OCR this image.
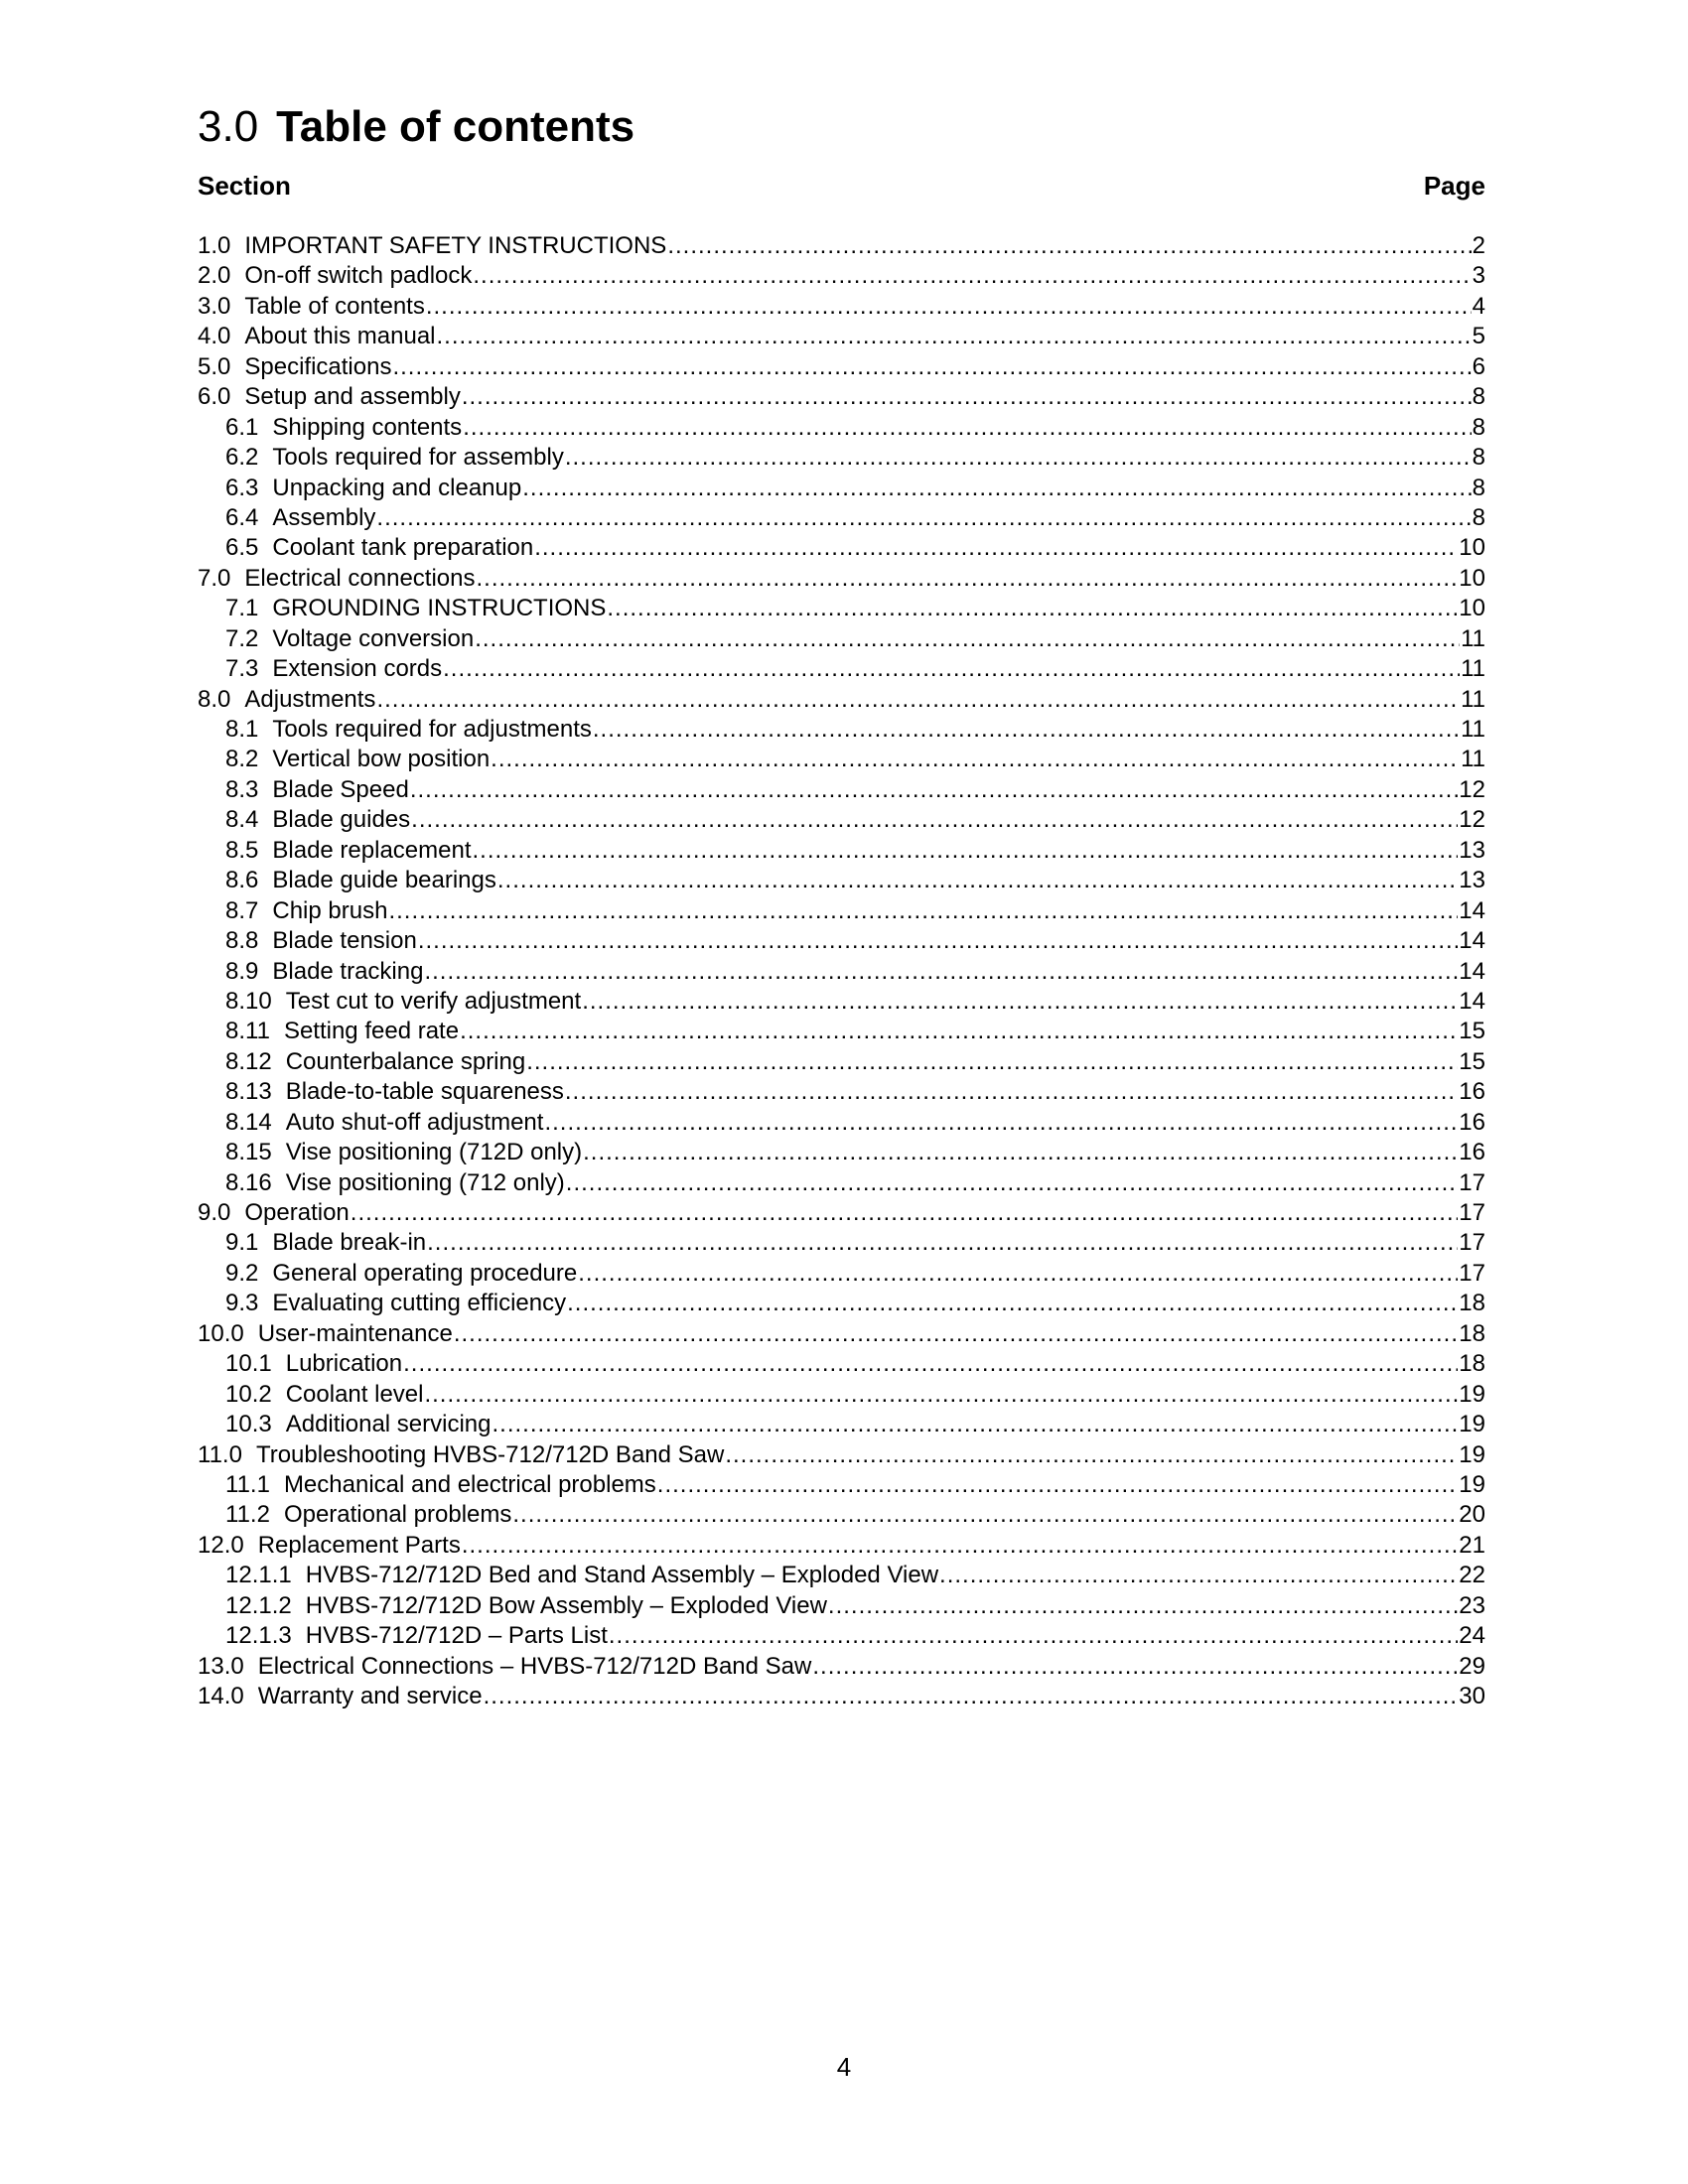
3.0 Table of contents
Section	Page
1.0 IMPORTANT SAFETY INSTRUCTIONS .....	2
2.0 On-off switch padlock .....	3
3.0 Table of contents .....	4
4.0 About this manual .....	5
5.0 Specifications .....	6
6.0 Setup and assembly .....	8
6.1 Shipping contents .....	8
6.2 Tools required for assembly .....	8
6.3 Unpacking and cleanup .....	8
6.4 Assembly .....	8
6.5 Coolant tank preparation .....	10
7.0 Electrical connections .....	10
7.1 GROUNDING INSTRUCTIONS .....	10
7.2 Voltage conversion .....	11
7.3 Extension cords .....	11
8.0 Adjustments .....	11
8.1 Tools required for adjustments .....	11
8.2 Vertical bow position .....	11
8.3 Blade Speed .....	12
8.4 Blade guides .....	12
8.5 Blade replacement .....	13
8.6 Blade guide bearings .....	13
8.7 Chip brush .....	14
8.8 Blade tension .....	14
8.9 Blade tracking .....	14
8.10 Test cut to verify adjustment .....	14
8.11 Setting feed rate .....	15
8.12 Counterbalance spring .....	15
8.13 Blade-to-table squareness .....	16
8.14 Auto shut-off adjustment .....	16
8.15 Vise positioning (712D only) .....	16
8.16 Vise positioning (712 only) .....	17
9.0 Operation .....	17
9.1 Blade break-in .....	17
9.2 General operating procedure .....	17
9.3 Evaluating cutting efficiency .....	18
10.0 User-maintenance .....	18
10.1 Lubrication .....	18
10.2 Coolant level .....	19
10.3 Additional servicing .....	19
11.0 Troubleshooting HVBS-712/712D Band Saw .....	19
11.1 Mechanical and electrical problems .....	19
11.2 Operational problems .....	20
12.0 Replacement Parts .....	21
12.1.1 HVBS-712/712D Bed and Stand Assembly – Exploded View .....	22
12.1.2 HVBS-712/712D Bow Assembly – Exploded View .....	23
12.1.3 HVBS-712/712D – Parts List .....	24
13.0 Electrical Connections – HVBS-712/712D Band Saw .....	29
14.0 Warranty and service .....	30
4
